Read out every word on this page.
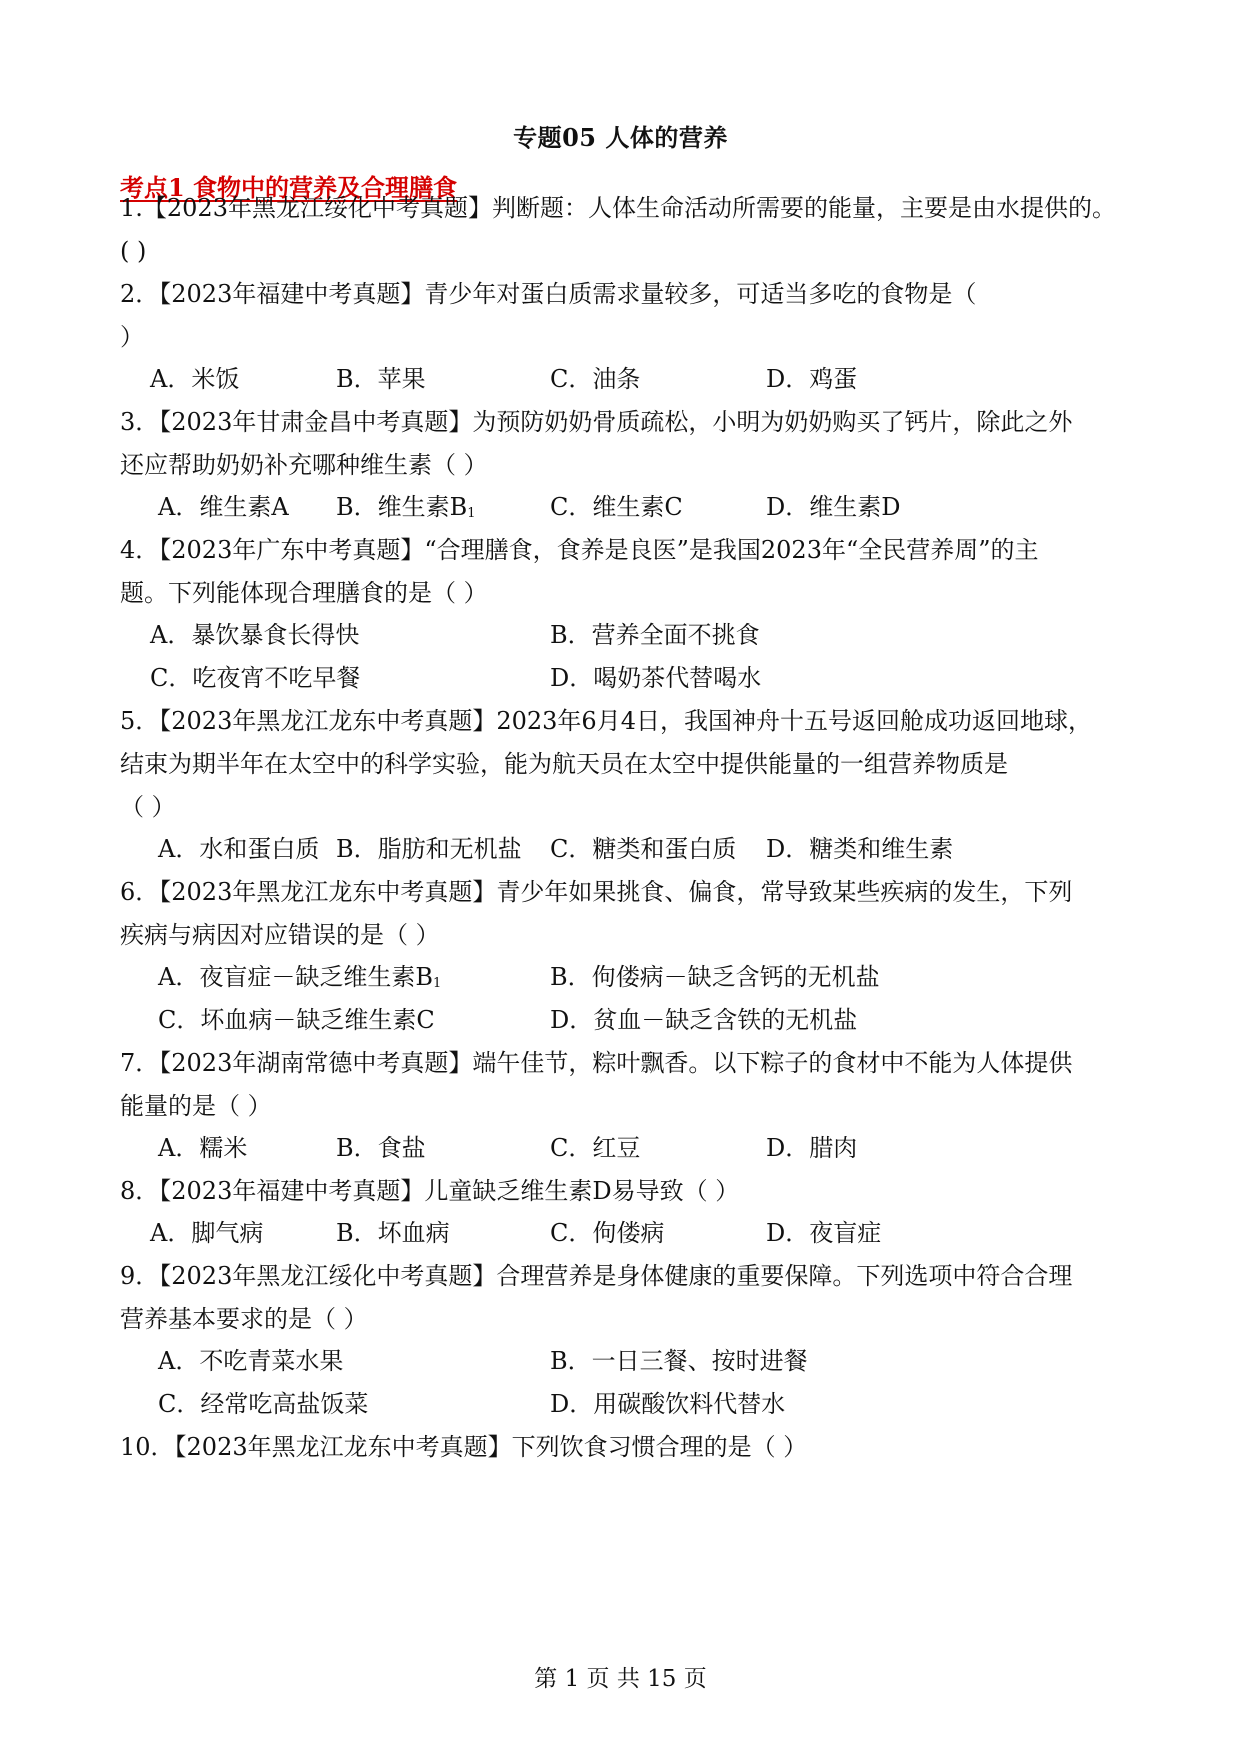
专题05 人体的营养
考点1 食物中的营养及合理膳食
1.【2023年黑龙江绥化中考真题】判断题：人体生命活动所需要的能量，主要是由水提供的。
( )
2．【2023年福建中考真题】青少年对蛋白质需求量较多，可适当多吃的食物是（
）
A．米饭	B．苹果	C．油条	D．鸡蛋
3．【2023年甘肃金昌中考真题】为预防奶奶骨质疏松，小明为奶奶购买了钙片，除此之外
还应帮助奶奶补充哪种维生素（ ）
A．维生素A B．维生素$B_1$	C．维生素C	D．维生素D
4．【2023年广东中考真题】“合理膳食，食养是良医”是我国2023年“全民营养周”的主
题。下列能体现合理膳食的是（ ）
A．暴饮暴食长得快	B．营养全面不挑食
C．吃夜宵不吃早餐	D．喝奶茶代替喝水
5．【2023年黑龙江龙东中考真题】2023年6月4日，我国神舟十五号返回舱成功返回地球，
结束为期半年在太空中的科学实验，能为航天员在太空中提供能量的一组营养物质是
（ ）
A．水和蛋白质 B．脂肪和无机盐 C．糖类和蛋白质 D．糖类和维生素
6．【2023年黑龙江龙东中考真题】青少年如果挑食、偏食，常导致某些疾病的发生，下列
疾病与病因对应错误的是（ ）
A．夜盲症－缺乏维生素$B_1$	B．佝偻病－缺乏含钙的无机盐
C．坏血病－缺乏维生素C	D．贫血－缺乏含铁的无机盐
7．【2023年湖南常德中考真题】端午佳节，粽叶飘香。以下粽子的食材中不能为人体提供
能量的是（ ）
A．糯米	B．食盐	C．红豆	D．腊肉
8．【2023年福建中考真题】儿童缺乏维生素D易导致（ ）
A．脚气病	B．坏血病	C．佝偻病	D．夜盲症
9．【2023年黑龙江绥化中考真题】合理营养是身体健康的重要保障。下列选项中符合合理
营养基本要求的是（ ）
A．不吃青菜水果	B．一日三餐、按时进餐
C．经常吃高盐饭菜	D．用碳酸饮料代替水
10．【2023年黑龙江龙东中考真题】下列饮食习惯合理的是（ ）
第 1 页 共 15 页
